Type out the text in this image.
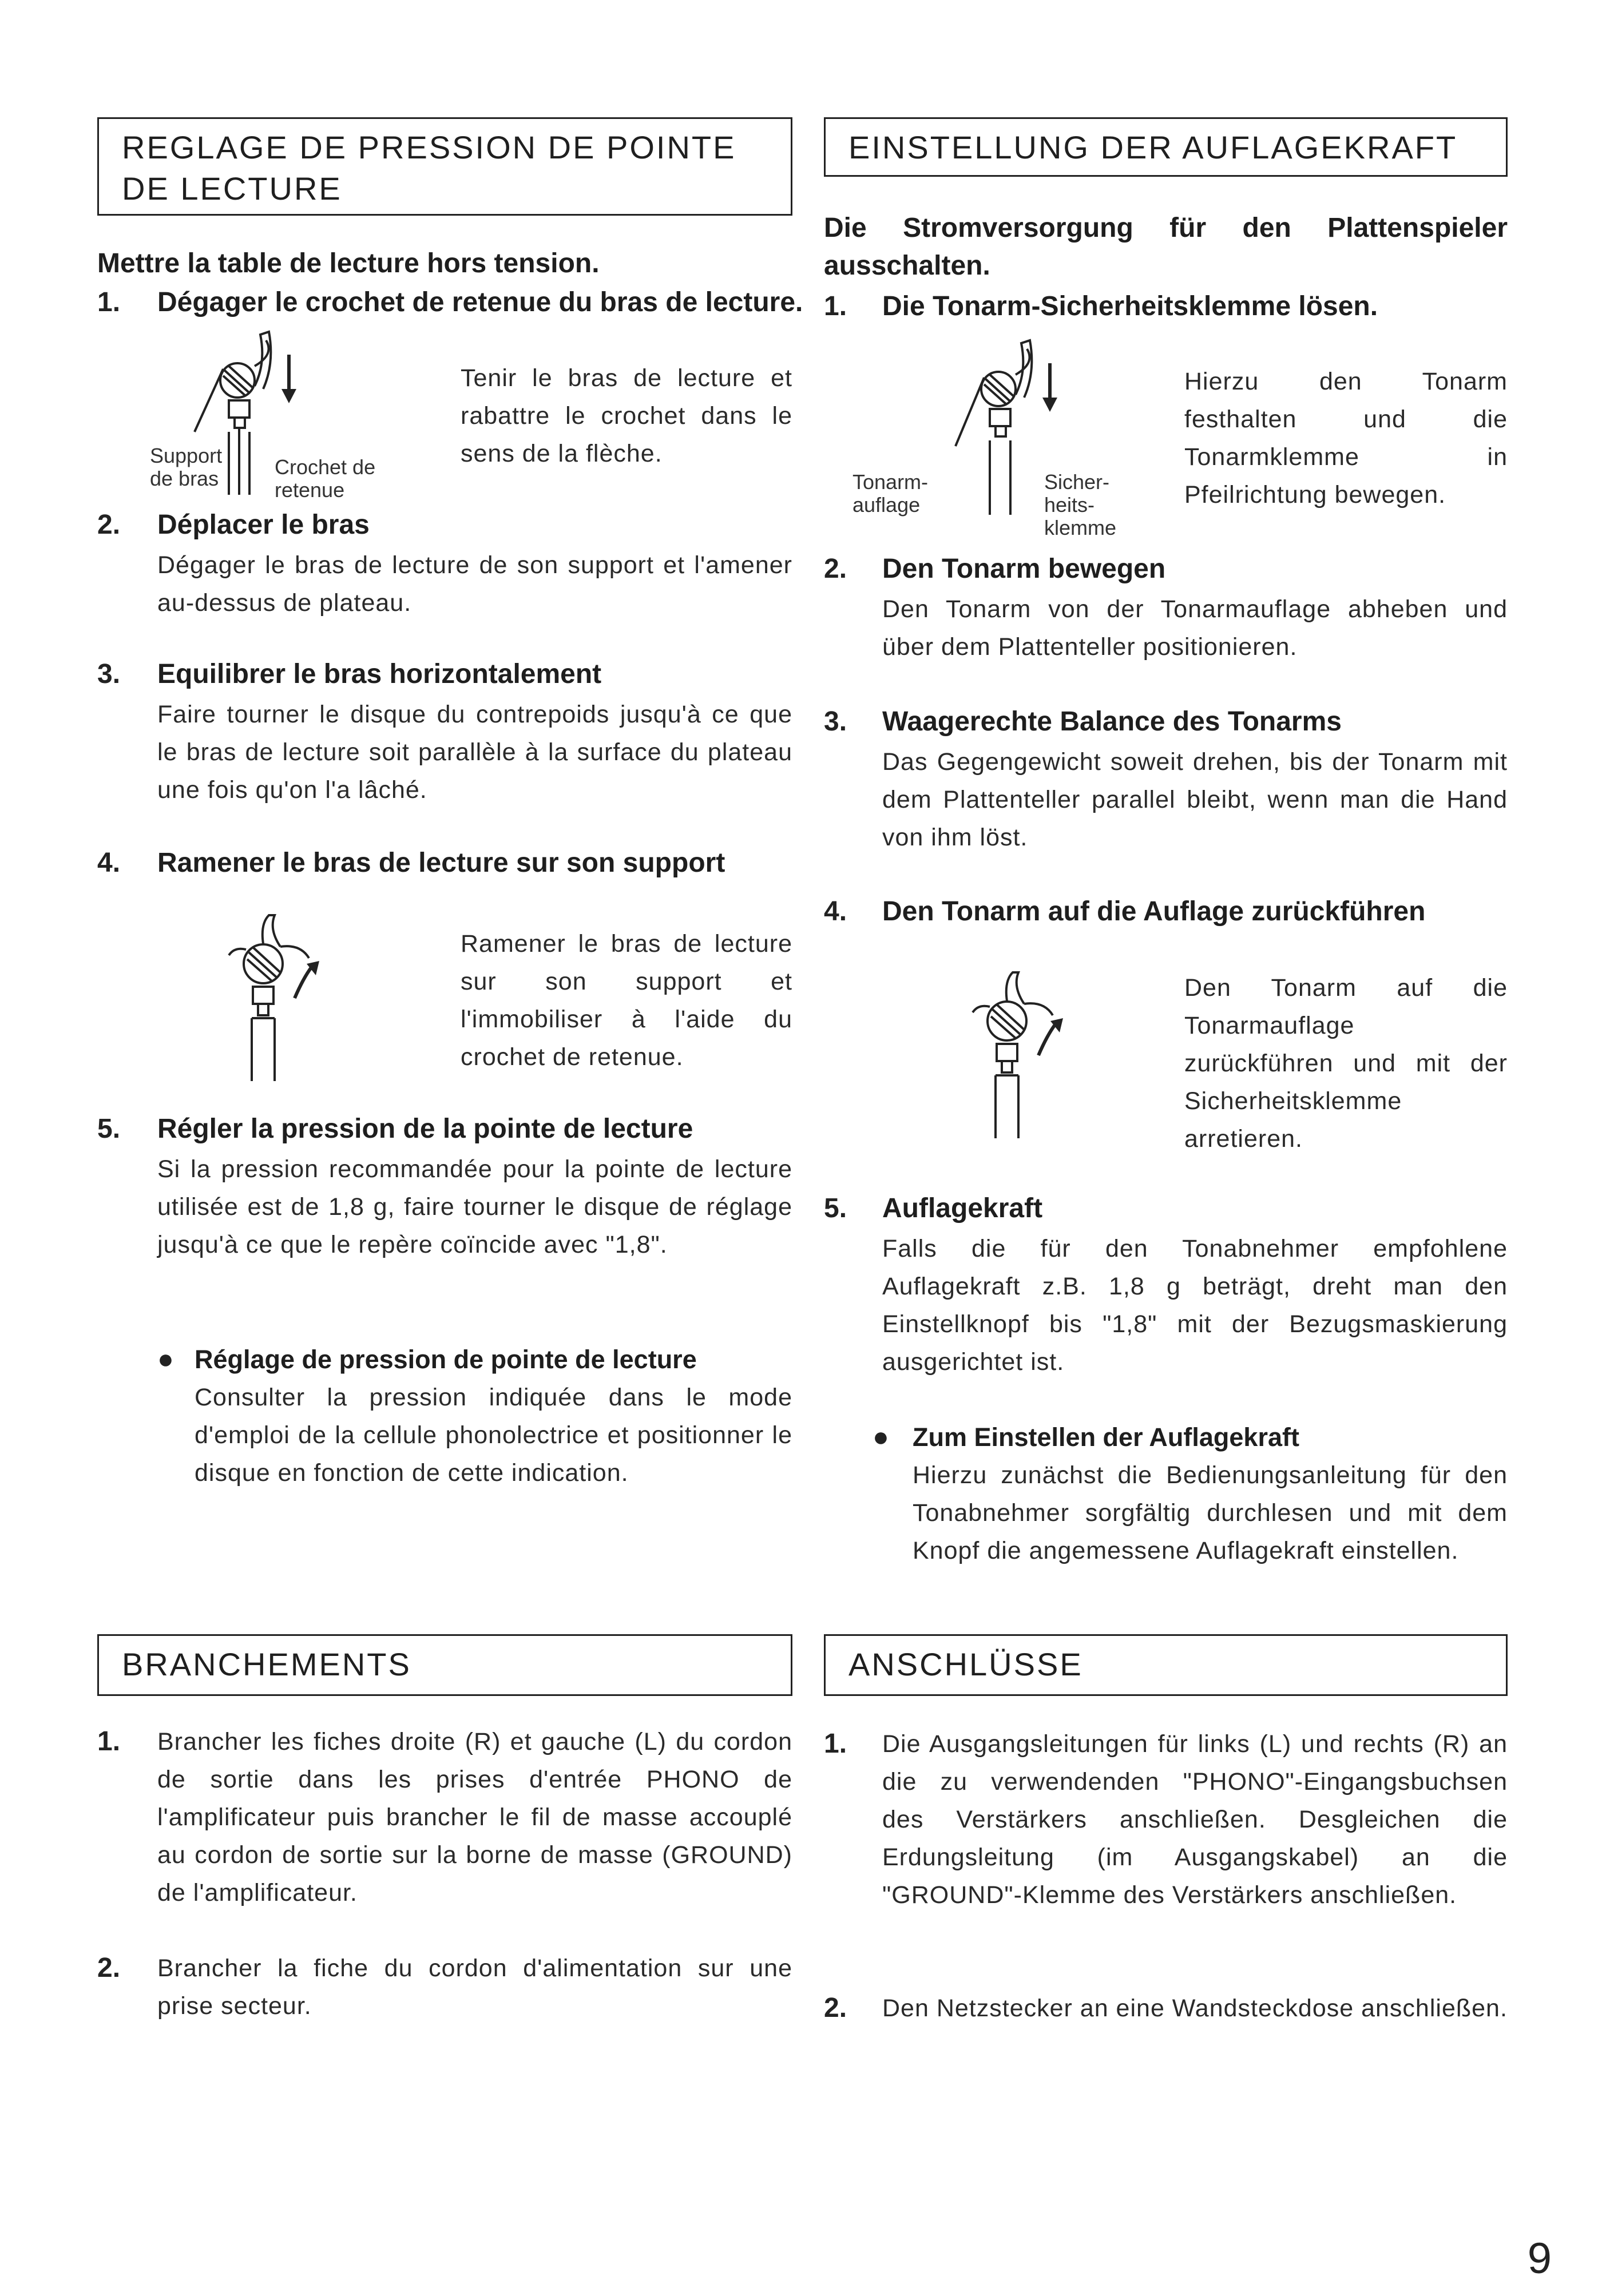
REGLAGE DE PRESSION DE POINTE DE LECTURE
Mettre la table de lecture hors tension.
1. Dégager le crochet de retenue du bras de lecture.
Support de bras	Crochet de retenue
Tenir le bras de lecture et rabattre le crochet dans le sens de la flèche.
2. Déplacer le bras
Dégager le bras de lecture de son support et l'amener au-dessus de plateau.
3. Equilibrer le bras horizontalement
Faire tourner le disque du contrepoids jusqu'à ce que le bras de lecture soit parallèle à la surface du plateau une fois qu'on l'a lâché.
4. Ramener le bras de lecture sur son support
Ramener le bras de lecture sur son support et l'immobiliser à l'aide du crochet de retenue.
5. Régler la pression de la pointe de lecture
Si la pression recommandée pour la pointe de lecture utilisée est de 1,8 g, faire tourner le disque de réglage jusqu'à ce que le repère coïncide avec "1,8".
● Réglage de pression de pointe de lecture
Consulter la pression indiquée dans le mode d'emploi de la cellule phonolectrice et positionner le disque en fonction de cette indication.
BRANCHEMENTS
1. Brancher les fiches droite (R) et gauche (L) du cordon de sortie dans les prises d'entrée PHONO de l'amplificateur puis brancher le fil de masse accouplé au cordon de sortie sur la borne de masse (GROUND) de l'amplificateur.
2. Brancher la fiche du cordon d'alimentation sur une prise secteur.
EINSTELLUNG DER AUFLAGEKRAFT
Die Stromversorgung für den Plattenspieler ausschalten.
1. Die Tonarm-Sicherheitsklemme lösen.
Tonarm-auflage
Sicher-heits-klemme
Hierzu den Tonarm festhalten und die Tonarmklemme in Pfeilrichtung bewegen.
2. Den Tonarm bewegen
Den Tonarm von der Tonarmauflage abheben und über dem Plattenteller positionieren.
3. Waagerechte Balance des Tonarms
Das Gegengewicht soweit drehen, bis der Tonarm mit dem Plattenteller parallel bleibt, wenn man die Hand von ihm löst.
4. Den Tonarm auf die Auflage zurückführen
Den Tonarm auf die Tonarmauflage zurückführen und mit der Sicherheitsklemme arretieren.
5. Auflagekraft
Falls die für den Tonabnehmer empfohlene Auflagekraft z.B. 1,8 g beträgt, dreht man den Einstellknopf bis "1,8" mit der Bezugsmaskierung ausgerichtet ist.
● Zum Einstellen der Auflagekraft
Hierzu zunächst die Bedienungsanleitung für den Tonabnehmer sorgfältig durchlesen und mit dem Knopf die angemessene Auflagekraft einstellen.
ANSCHLÜSSE
1. Die Ausgangsleitungen für links (L) und rechts (R) an die zu verwendenden "PHONO"-Eingangsbuchsen des Verstärkers anschließen. Desgleichen die Erdungsleitung (im Ausgangskabel) an die "GROUND"-Klemme des Verstärkers anschließen.
2. Den Netzstecker an eine Wandsteckdose anschließen.
9
